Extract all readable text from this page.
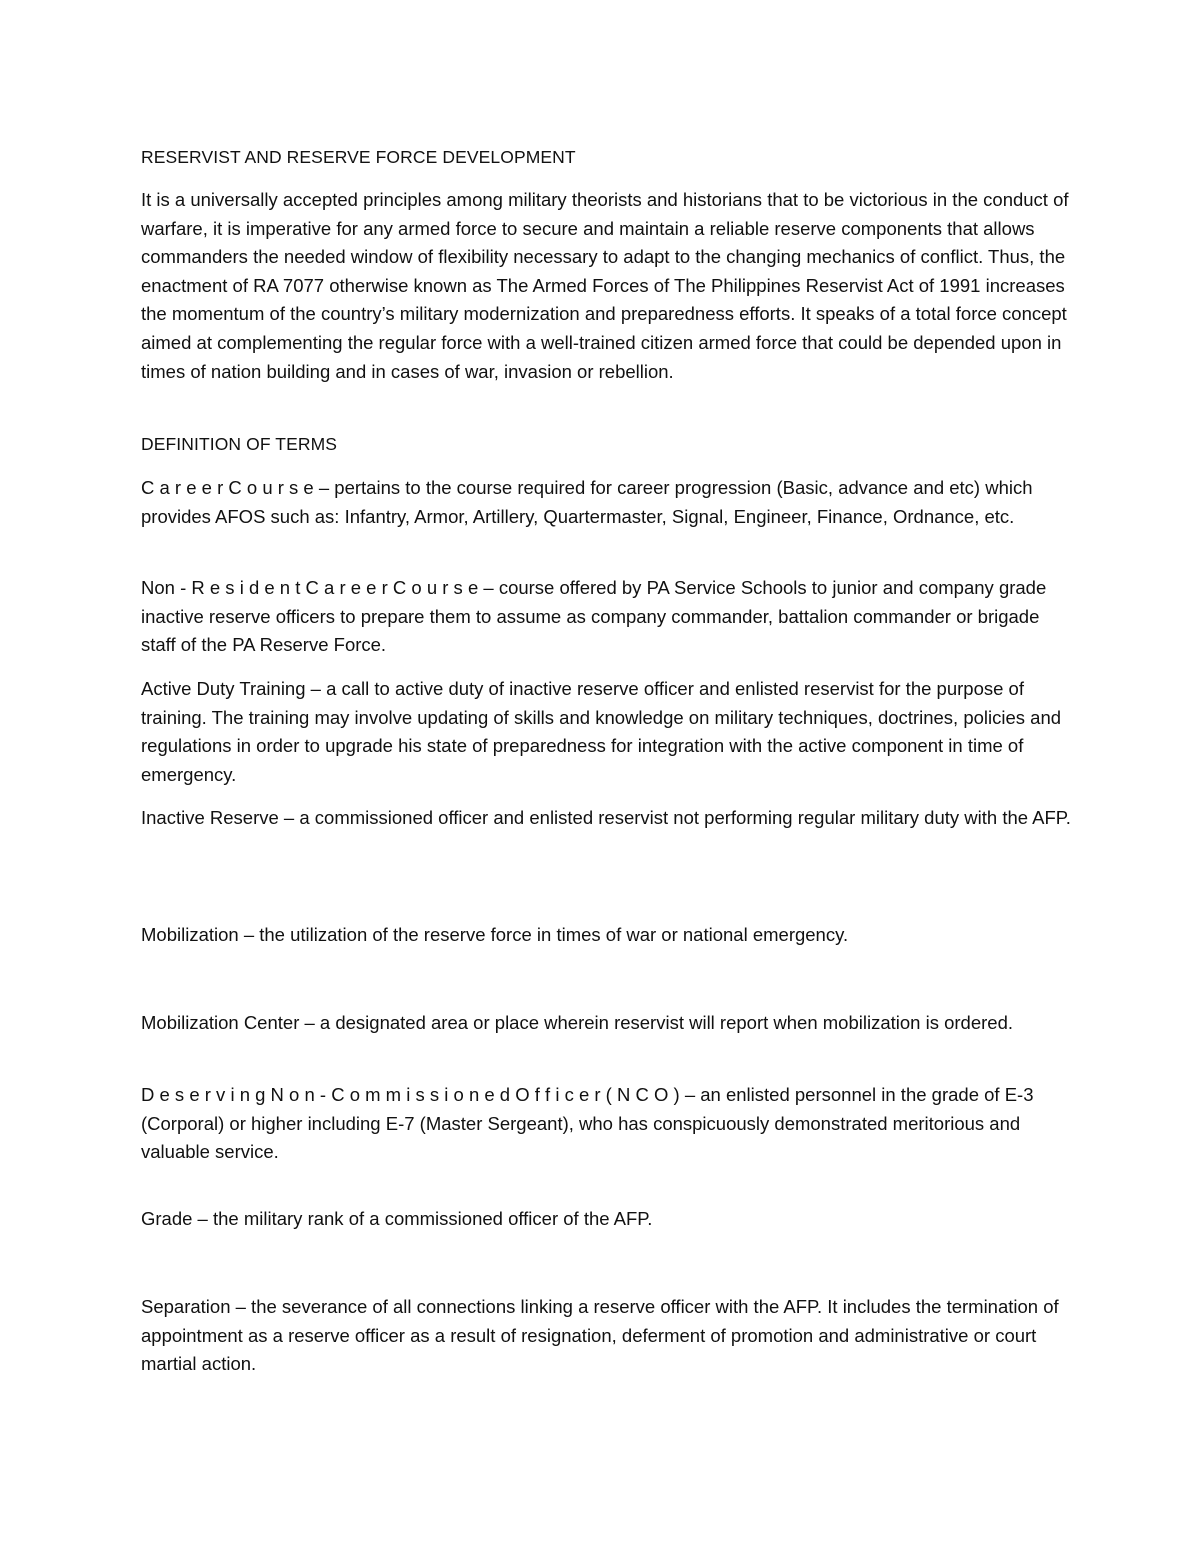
RESERVIST AND RESERVE FORCE DEVELOPMENT

It is a universally accepted principles among military theorists and historians that to be victorious in the conduct of warfare, it is imperative for any armed force to secure and maintain a reliable reserve components that allows commanders the needed window of flexibility necessary to adapt to the changing mechanics of conflict. Thus, the enactment of RA 7077 otherwise known as The Armed Forces of The Philippines Reservist Act of 1991 increases the momentum of the country’s military modernization and preparedness efforts. It speaks of a total force concept aimed at complementing the regular force with a well-trained citizen armed force that could be depended upon in times of nation building and in cases of war, invasion or rebellion.

DEFINITION OF TERMS

C a r e e r C o u r s e – pertains to the course required for career progression (Basic, advance and etc) which provides AFOS such as: Infantry, Armor, Artillery, Quartermaster, Signal, Engineer, Finance, Ordnance, etc.

Non - R e s i d e n t C a r e e r C o u r s e – course offered by PA Service Schools to junior and company grade inactive reserve officers to prepare them to assume as company commander, battalion commander or brigade staff of the PA Reserve Force.

Active Duty Training – a call to active duty of inactive reserve officer and enlisted reservist for the purpose of training. The training may involve updating of skills and knowledge on military techniques, doctrines, policies and regulations in order to upgrade his state of preparedness for integration with the active component in time of emergency.

Inactive Reserve – a commissioned officer and enlisted reservist not performing regular military duty with the AFP.

Mobilization – the utilization of the reserve force in times of war or national emergency.

Mobilization Center – a designated area or place wherein reservist will report when mobilization is ordered.

D e s e r v i n g N o n - C o m m i s s i o n e d O f f i c e r ( N C O ) – an enlisted personnel in the grade of E-3 (Corporal) or higher including E-7 (Master Sergeant), who has conspicuously demonstrated meritorious and valuable service.

Grade – the military rank of a commissioned officer of the AFP.

Separation – the severance of all connections linking a reserve officer with the AFP. It includes the termination of appointment as a reserve officer as a result of resignation, deferment of promotion and administrative or court martial action.
